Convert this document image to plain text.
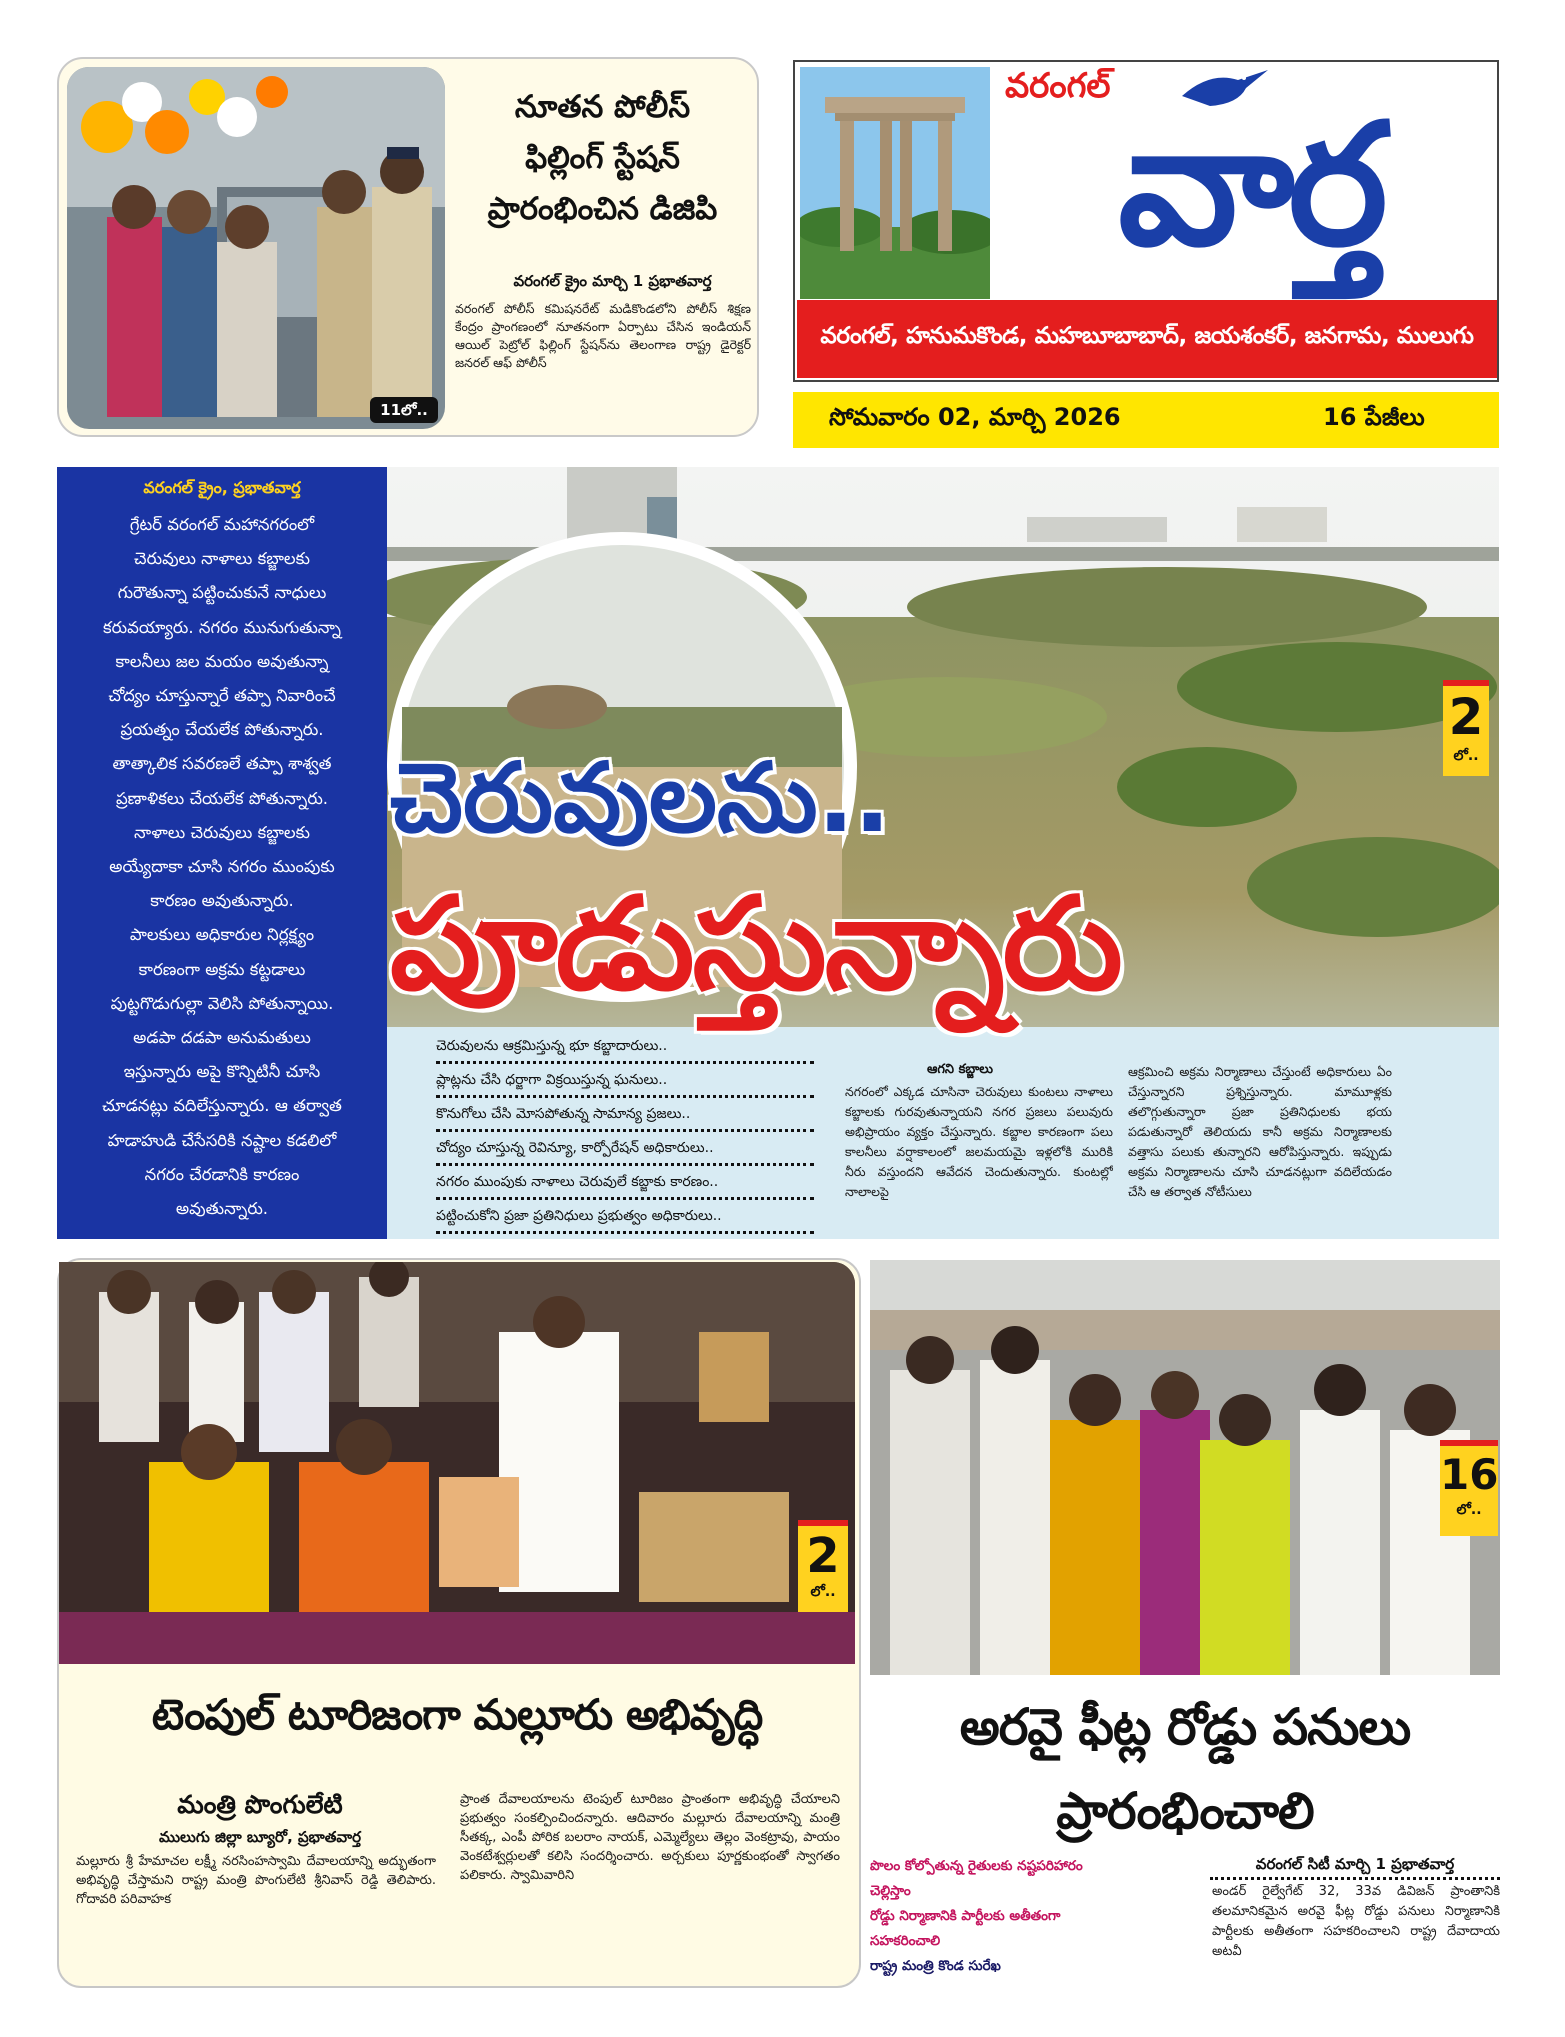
11లో..
నూతన పోలీస్
ఫిల్లింగ్ స్టేషన్
ప్రారంభించిన డిజిపి
వరంగల్ క్రైం మార్చి 1 ప్రభాతవార్త
వరంగల్ పోలీస్ కమిషనరేట్ మడికొండలోని పోలీస్ శిక్షణ కేంద్రం ప్రాంగణంలో నూతనంగా ఏర్పాటు చేసిన ఇండియన్ ఆయిల్ పెట్రోల్ ఫిల్లింగ్ స్టేషన్‌ను తెలంగాణ రాష్ట్ర డైరెక్టర్ జనరల్ ఆఫ్ పోలీస్
వరంగల్
వార్త
వరంగల్, హనుమకొండ, మహబూబాబాద్, జయశంకర్, జనగామ, ములుగు
సోమవారం 02, మార్చి 2026	16 పేజీలు
వరంగల్ క్రైం, ప్రభాతవార్త
గ్రేటర్ వరంగల్ మహానగరంలో
చెరువులు నాళాలు కబ్జాలకు
గురౌతున్నా పట్టించుకునే నాధులు
కరువయ్యారు. నగరం మునుగుతున్నా
కాలనీలు జల మయం అవుతున్నా
చోద్యం చూస్తున్నారే తప్పా నివారించే
ప్రయత్నం చేయలేక పోతున్నారు.
తాత్కాలిక సవరణలే తప్పా శాశ్వత
ప్రణాళికలు చేయలేక పోతున్నారు.
నాళాలు చెరువులు కబ్జాలకు
అయ్యేదాకా చూసి నగరం ముంపుకు
కారణం అవుతున్నారు.
పాలకులు అధికారుల నిర్లక్ష్యం
కారణంగా అక్రమ కట్టడాలు
పుట్టగొడుగుల్లా వెలిసి పోతున్నాయి.
అడపా దడపా అనుమతులు
ఇస్తున్నారు అపై కొన్నిటినీ చూసి
చూడనట్లు వదిలేస్తున్నారు. ఆ తర్వాత
హడాహుడి చేసేసరికి నష్టాల కడలిలో
నగరం చేరడానికి కారణం
అవుతున్నారు.
చెరువులను..
పూడుస్తున్నారు
2
లో..
చెరువులను ఆక్రమిస్తున్న భూ కబ్జాదారులు..
ప్లాట్లను చేసి ధర్జాగా విక్రయిస్తున్న ఘనులు..
కొనుగోలు చేసి మోసపోతున్న సామాన్య ప్రజలు..
చోద్యం చూస్తున్న రెవిన్యూ, కార్పోరేషన్ అధికారులు..
నగరం ముంపుకు నాళాలు చెరువులే కబ్జాకు కారణం..
పట్టించుకోని ప్రజా ప్రతినిధులు ప్రభుత్వం అధికారులు..
ఆగని కబ్జాలు
నగరంలో ఎక్కడ చూసినా చెరువులు కుంటలు నాళాలు కబ్జాలకు గురవుతున్నాయని నగర ప్రజలు పలువురు అభిప్రాయం వ్యక్తం చేస్తున్నారు. కబ్జాల కారణంగా పలు కాలనీలు వర్షాకాలంలో జలమయమై ఇళ్లలోకి మురికి నీరు వస్తుందని ఆవేదన చెందుతున్నారు. కుంటల్లో నాలాలపై
ఆక్రమించి అక్రమ నిర్మాణాలు చేస్తుంటే అధికారులు ఏం చేస్తున్నారని ప్రశ్నిస్తున్నారు. మామూళ్లకు తలొగ్గుతున్నారా ప్రజా ప్రతినిధులకు భయ పడుతున్నారో తెలియదు కానీ అక్రమ నిర్మాణాలకు వత్తాసు పలుకు తున్నారని ఆరోపిస్తున్నారు. ఇప్పుడు అక్రమ నిర్మాణాలను చూసి చూడనట్లుగా వదిలేయడం చేసి ఆ తర్వాత నోటీసులు
2
లో..
టెంపుల్ టూరిజంగా మల్లూరు అభివృద్ధి
మంత్రి పొంగులేటి
ములుగు జిల్లా బ్యూరో, ప్రభాతవార్త
మల్లూరు శ్రీ హేమాచల లక్ష్మీ నరసింహస్వామి దేవాలయాన్ని అద్భుతంగా అభివృద్ధి చేస్తామని రాష్ట్ర మంత్రి పొంగులేటి శ్రీనివాస్ రెడ్డి తెలిపారు. గోదావరి పరివాహక
ప్రాంత దేవాలయాలను టెంపుల్ టూరిజం ప్రాంతంగా అభివృద్ధి చేయాలని ప్రభుత్వం సంకల్పించిందన్నారు. ఆదివారం మల్లూరు దేవాలయాన్ని మంత్రి సీతక్క, ఎంపీ పోరిక బలరాం నాయక్, ఎమ్మెల్యేలు తెల్లం వెంకట్రావు, పాయం వెంకటేశ్వర్లులతో కలిసి సందర్శించారు. అర్చకులు పూర్ణకుంభంతో స్వాగతం పలికారు. స్వామివారిని
16
లో..
అరవై ఫీట్ల రోడ్డు పనులు
ప్రారంభించాలి
పొలం కోల్పోతున్న రైతులకు నష్టపరిహారం
చెల్లిస్తాం
రోడ్డు నిర్మాణానికి పార్టీలకు అతీతంగా
సహకరించాలి
రాష్ట్ర మంత్రి కొండ సురేఖ
వరంగల్ సిటీ మార్చి 1 ప్రభాతవార్త
అండర్ రైల్వేగేట్ 32, 33వ డివిజన్ ప్రాంతానికి తలమానికమైన అరవై ఫీట్ల రోడ్డు పనులు నిర్మాణానికి పార్టీలకు అతీతంగా సహకరించాలని రాష్ట్ర దేవాదాయ అటవీ
